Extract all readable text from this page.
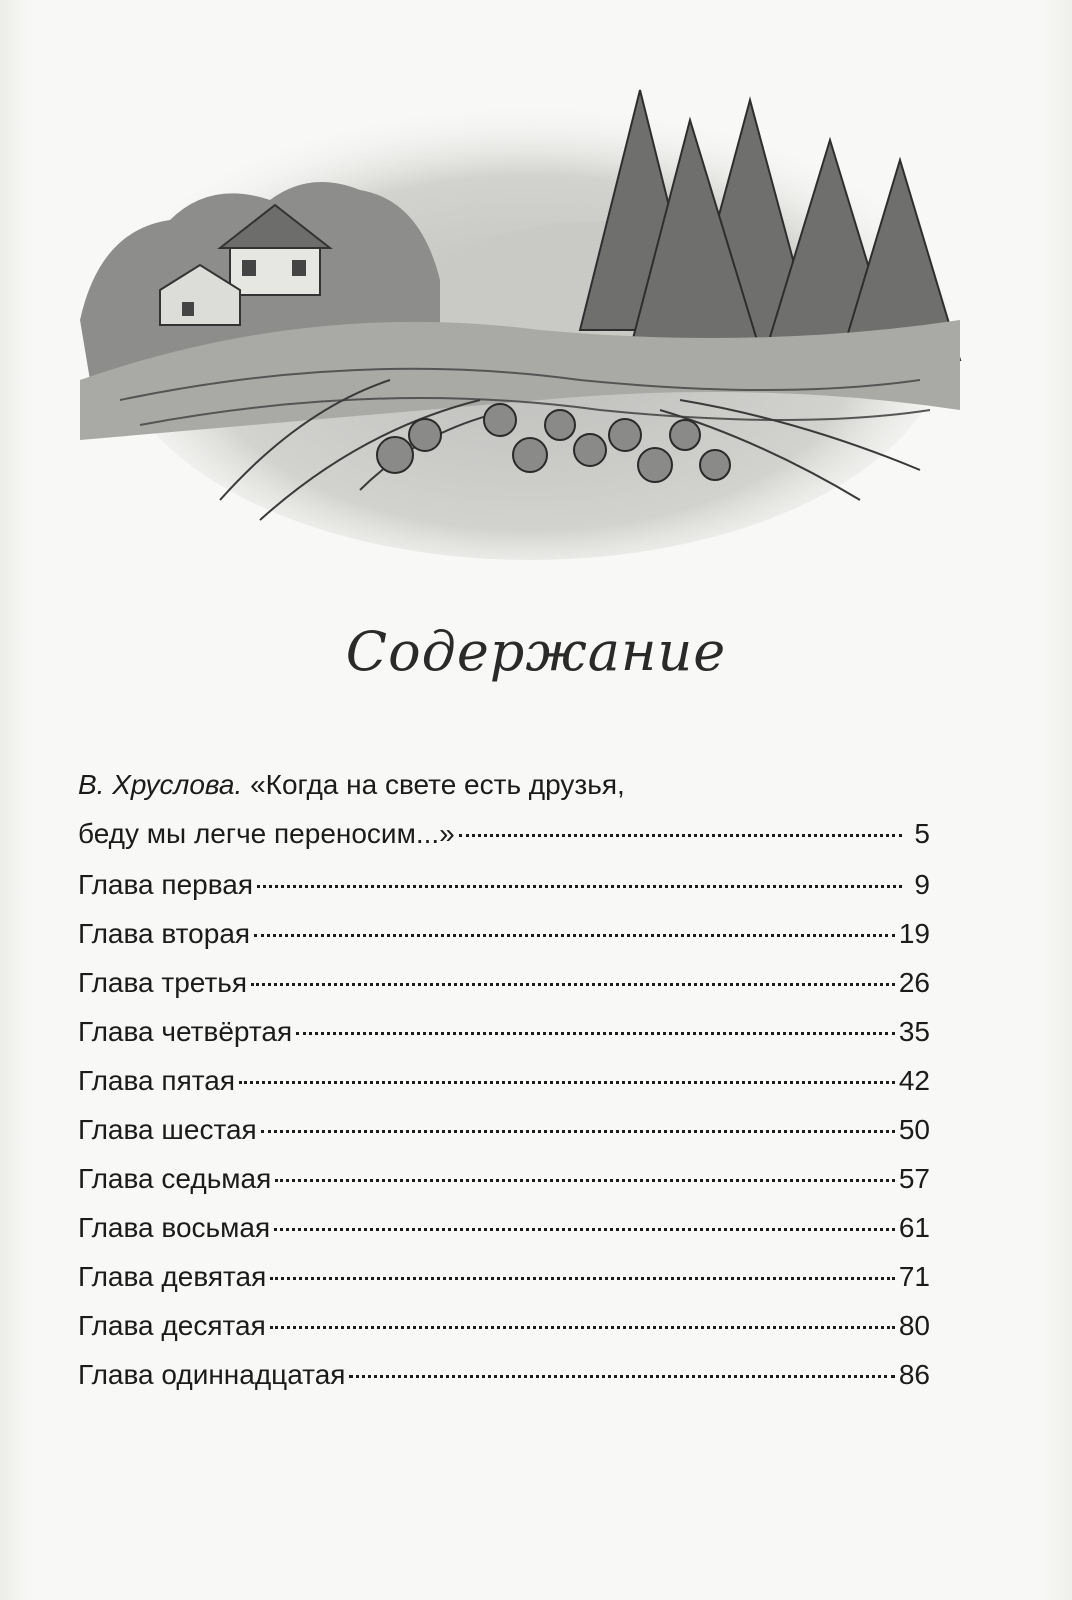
Содержание
В. Хруслова. «Когда на свете есть друзья,
беду мы легче переносим...»	5
Глава первая	9
Глава вторая	19
Глава третья	26
Глава четвёртая	35
Глава пятая	42
Глава шестая	50
Глава седьмая	57
Глава восьмая	61
Глава девятая	71
Глава десятая	80
Глава одиннадцатая	86
